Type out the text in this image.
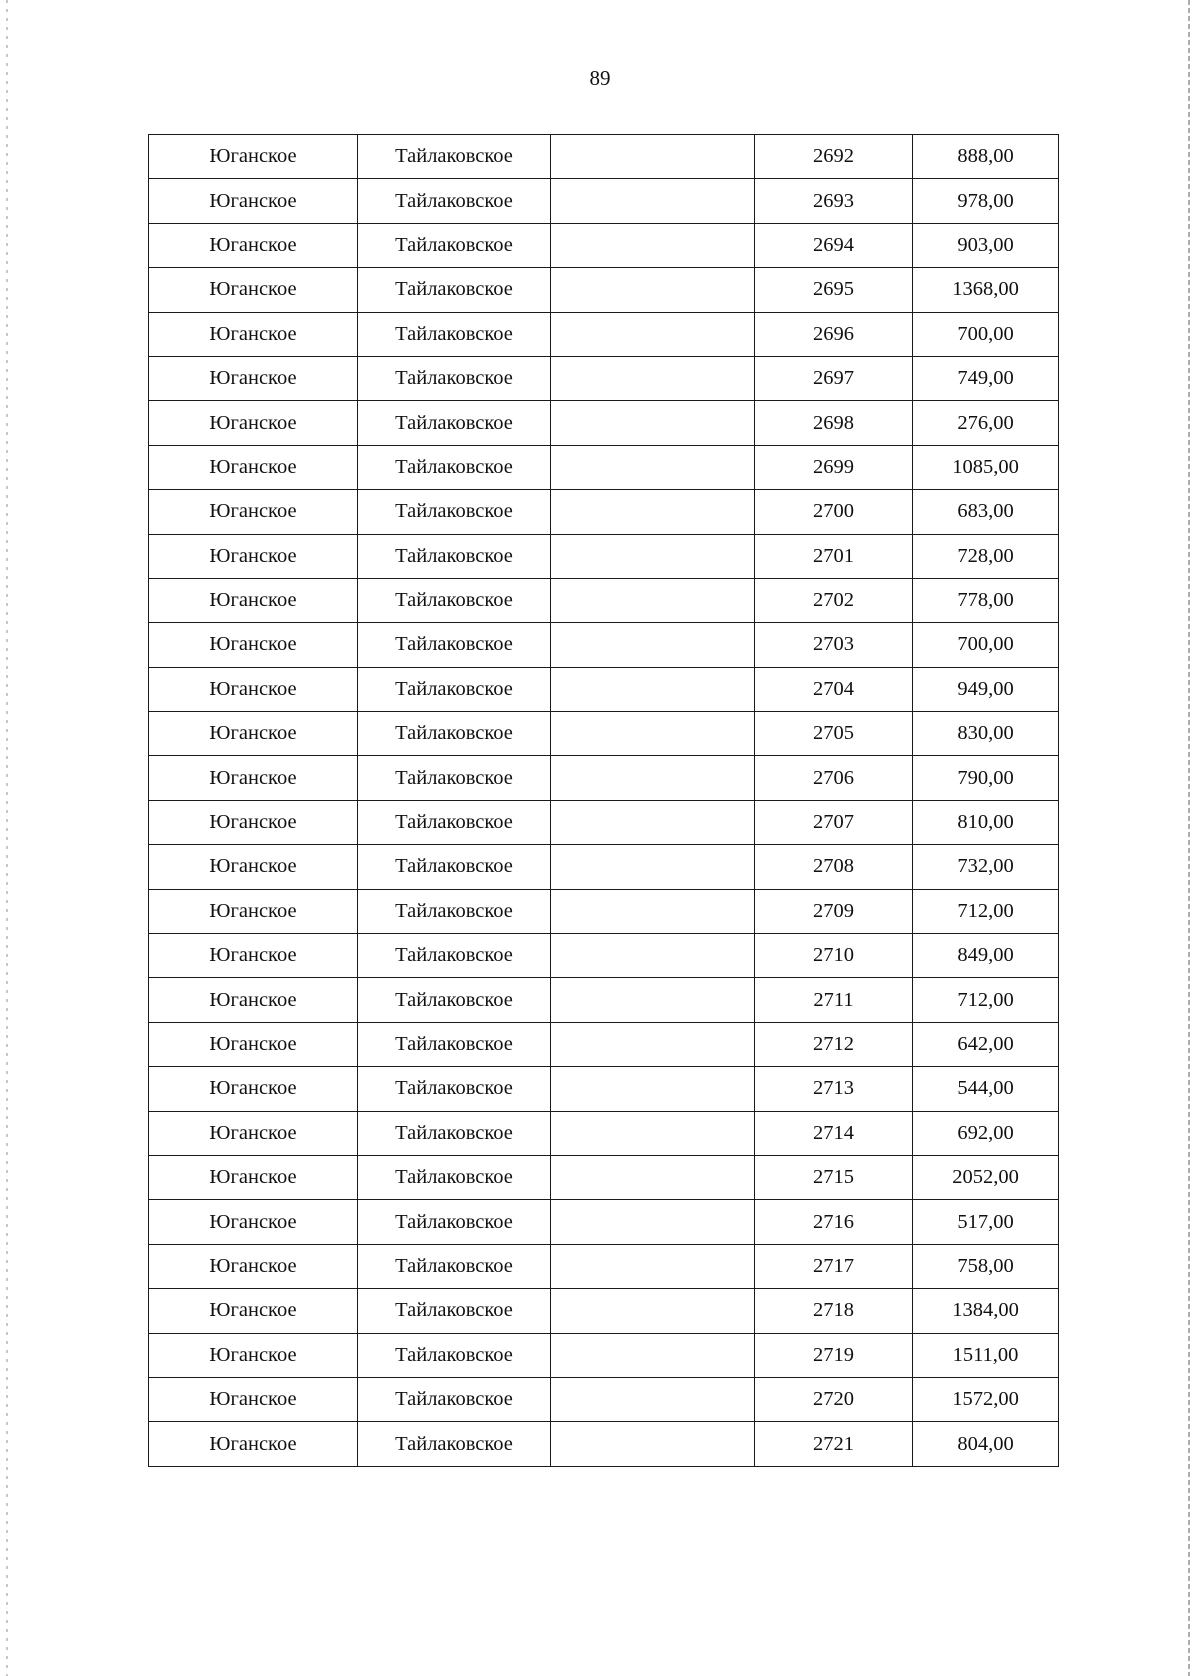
89
Юганское	Тайлаковское		2692	888,00
Юганское	Тайлаковское		2693	978,00
Юганское	Тайлаковское		2694	903,00
Юганское	Тайлаковское		2695	1368,00
Юганское	Тайлаковское		2696	700,00
Юганское	Тайлаковское		2697	749,00
Юганское	Тайлаковское		2698	276,00
Юганское	Тайлаковское		2699	1085,00
Юганское	Тайлаковское		2700	683,00
Юганское	Тайлаковское		2701	728,00
Юганское	Тайлаковское		2702	778,00
Юганское	Тайлаковское		2703	700,00
Юганское	Тайлаковское		2704	949,00
Юганское	Тайлаковское		2705	830,00
Юганское	Тайлаковское		2706	790,00
Юганское	Тайлаковское		2707	810,00
Юганское	Тайлаковское		2708	732,00
Юганское	Тайлаковское		2709	712,00
Юганское	Тайлаковское		2710	849,00
Юганское	Тайлаковское		2711	712,00
Юганское	Тайлаковское		2712	642,00
Юганское	Тайлаковское		2713	544,00
Юганское	Тайлаковское		2714	692,00
Юганское	Тайлаковское		2715	2052,00
Юганское	Тайлаковское		2716	517,00
Юганское	Тайлаковское		2717	758,00
Юганское	Тайлаковское		2718	1384,00
Юганское	Тайлаковское		2719	1511,00
Юганское	Тайлаковское		2720	1572,00
Юганское	Тайлаковское		2721	804,00
